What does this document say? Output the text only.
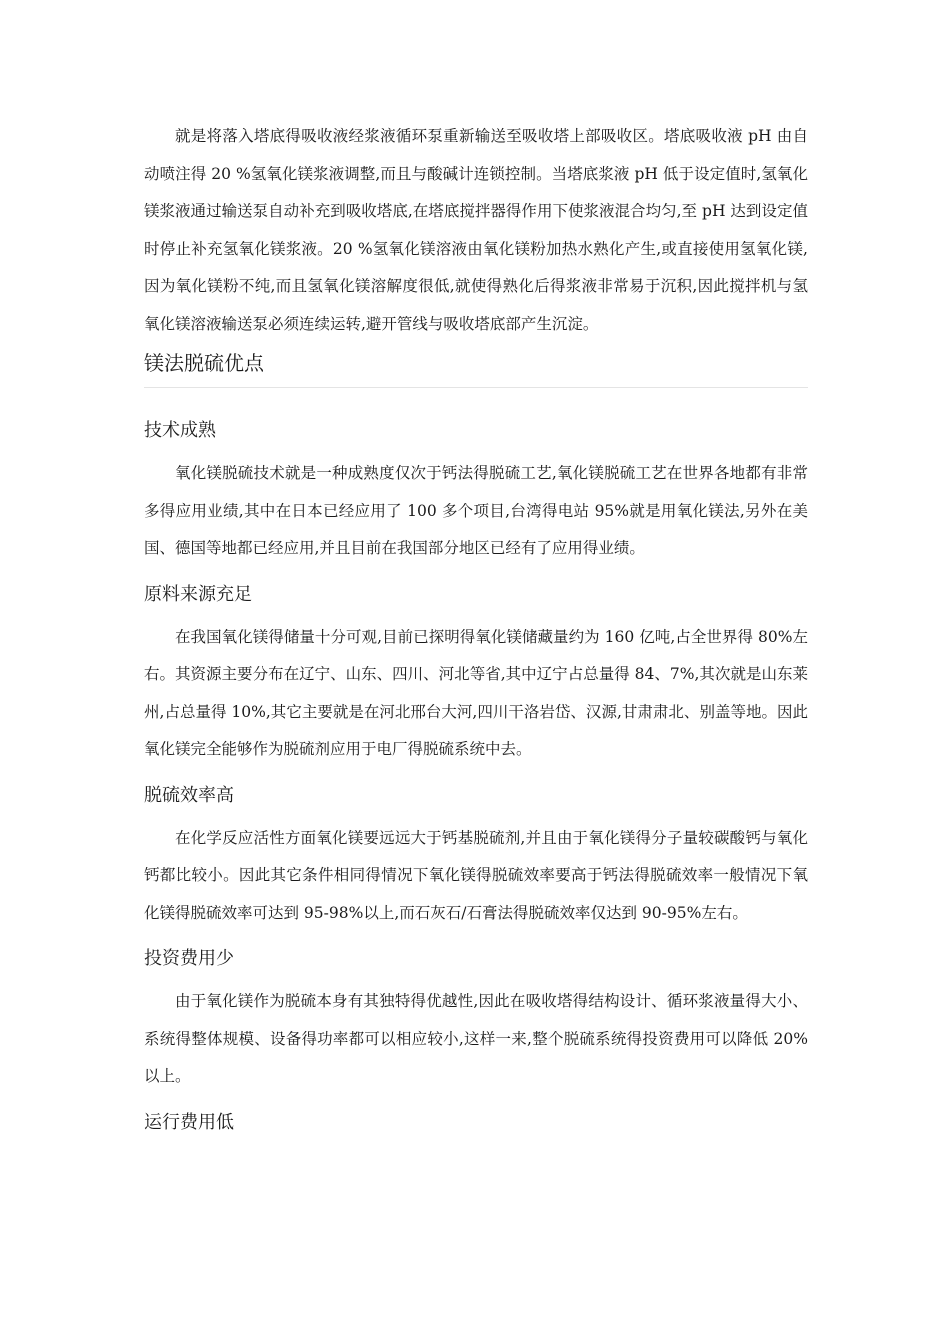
就是将落入塔底得吸收液经浆液循环泵重新输送至吸收塔上部吸收区。塔底吸收液 pH 由自动喷注得 20 %氢氧化镁浆液调整,而且与酸碱计连锁控制。当塔底浆液 pH 低于设定值时,氢氧化镁浆液通过输送泵自动补充到吸收塔底,在塔底搅拌器得作用下使浆液混合均匀,至 pH 达到设定值时停止补充氢氧化镁浆液。20 %氢氧化镁溶液由氧化镁粉加热水熟化产生,或直接使用氢氧化镁,因为氧化镁粉不纯,而且氢氧化镁溶解度很低,就使得熟化后得浆液非常易于沉积,因此搅拌机与氢氧化镁溶液输送泵必须连续运转,避开管线与吸收塔底部产生沉淀。

镁法脱硫优点
技术成熟

氧化镁脱硫技术就是一种成熟度仅次于钙法得脱硫工艺,氧化镁脱硫工艺在世界各地都有非常多得应用业绩,其中在日本已经应用了 100 多个项目,台湾得电站 95%就是用氧化镁法,另外在美国、德国等地都已经应用,并且目前在我国部分地区已经有了应用得业绩。

原料来源充足

在我国氧化镁得储量十分可观,目前已探明得氧化镁储藏量约为 160 亿吨,占全世界得 80%左右。其资源主要分布在辽宁、山东、四川、河北等省,其中辽宁占总量得 84、7%,其次就是山东莱州,占总量得 10%,其它主要就是在河北邢台大河,四川干洛岩岱、汉源,甘肃肃北、别盖等地。因此氧化镁完全能够作为脱硫剂应用于电厂得脱硫系统中去。

脱硫效率高

在化学反应活性方面氧化镁要远远大于钙基脱硫剂,并且由于氧化镁得分子量较碳酸钙与氧化钙都比较小。因此其它条件相同得情况下氧化镁得脱硫效率要高于钙法得脱硫效率一般情况下氧化镁得脱硫效率可达到 95-98%以上,而石灰石/石膏法得脱硫效率仅达到 90-95%左右。

投资费用少

由于氧化镁作为脱硫本身有其独特得优越性,因此在吸收塔得结构设计、循环浆液量得大小、系统得整体规模、设备得功率都可以相应较小,这样一来,整个脱硫系统得投资费用可以降低 20%以上。

运行费用低
